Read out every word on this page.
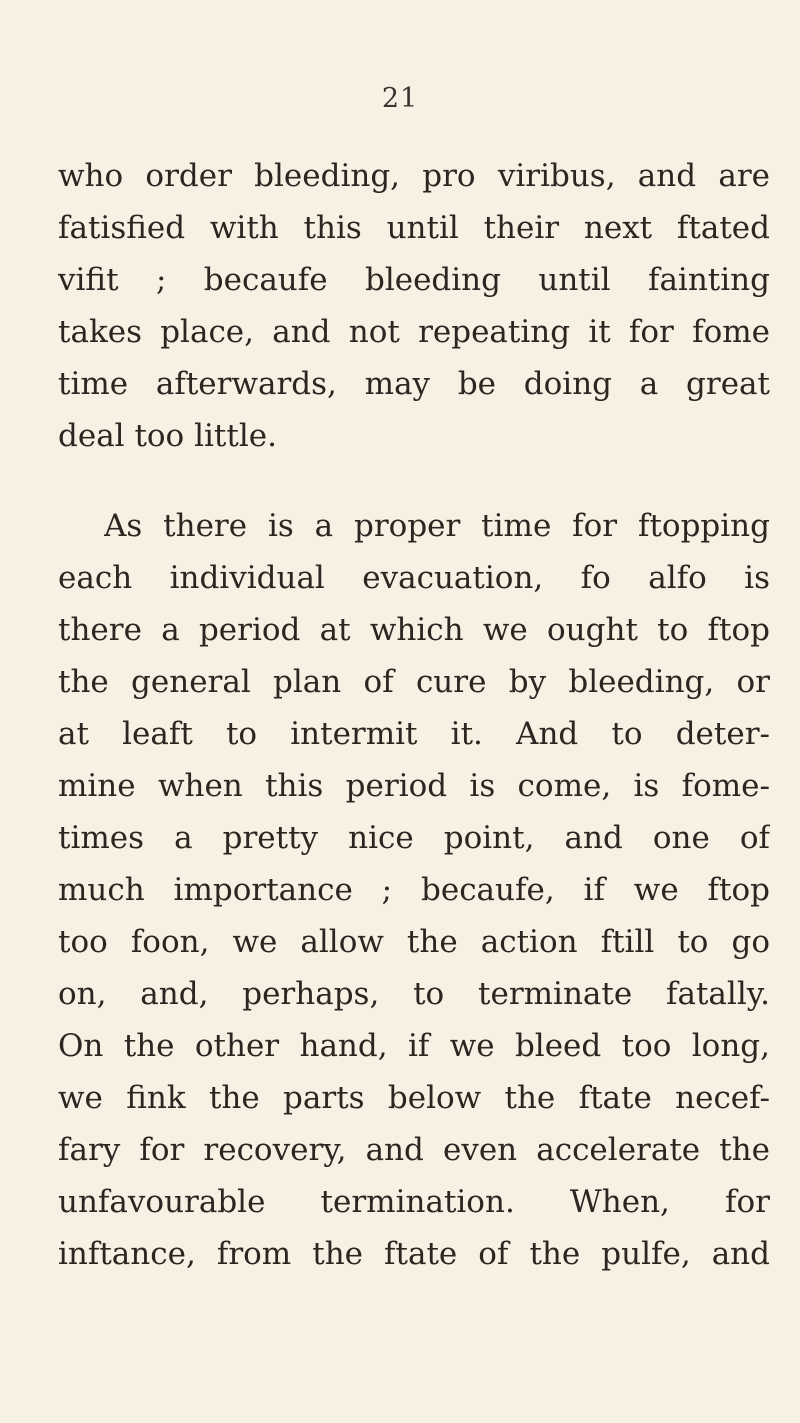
21
who order bleeding, pro viribus, and are
fatisfied with this until their next ftated
vifit ; becaufe bleeding until fainting
takes place, and not repeating it for fome
time afterwards, may be doing a great
deal too little.
As there is a proper time for ftopping
each individual evacuation, fo alfo is
there a period at which we ought to ftop
the general plan of cure by bleeding, or
at leaft to intermit it. And to deter-
mine when this period is come, is fome-
times a pretty nice point, and one of
much importance ; becaufe, if we ftop
too foon, we allow the action ftill to go
on, and, perhaps, to terminate fatally.
On the other hand, if we bleed too long,
we fink the parts below the ftate necef-
fary for recovery, and even accelerate the
unfavourable termination. When, for
inftance, from the ftate of the pulfe, and
